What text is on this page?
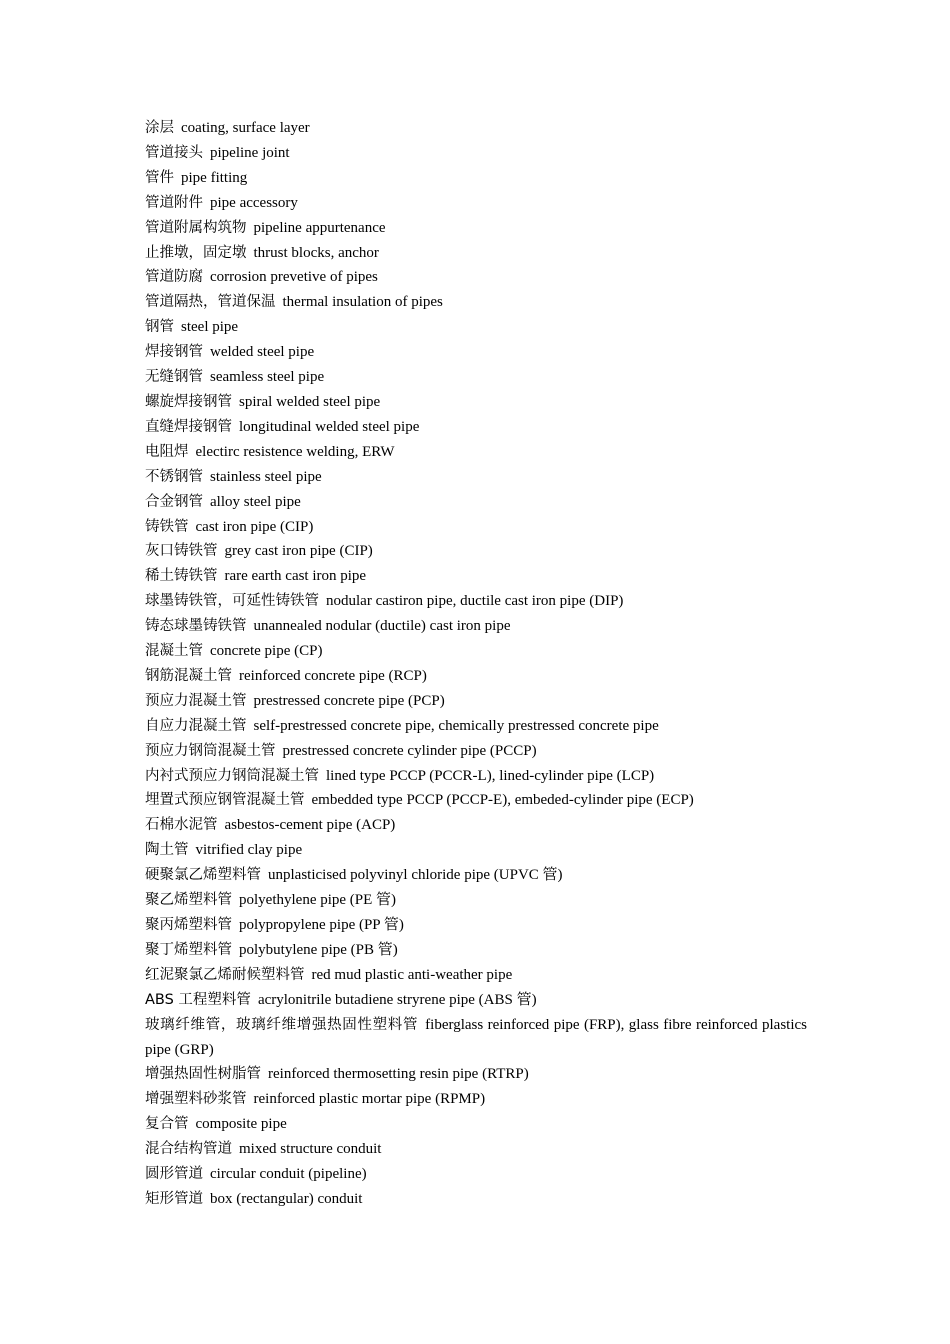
涂层 coating, surface layer
管道接头 pipeline joint
管件 pipe fitting
管道附件 pipe accessory
管道附属构筑物 pipeline appurtenance
止推墩，固定墩 thrust blocks, anchor
管道防腐 corrosion prevetive of pipes
管道隔热，管道保温 thermal insulation of pipes
钢管 steel pipe
焊接钢管 welded steel pipe
无缝钢管 seamless steel pipe
螺旋焊接钢管 spiral welded steel pipe
直缝焊接钢管 longitudinal welded steel pipe
电阻焊 electirc resistence welding, ERW
不锈钢管 stainless steel pipe
合金钢管 alloy steel pipe
铸铁管 cast iron pipe (CIP)
灰口铸铁管 grey cast iron pipe (CIP)
稀土铸铁管 rare earth cast iron pipe
球墨铸铁管，可延性铸铁管 nodular castiron pipe, ductile cast iron pipe (DIP)
铸态球墨铸铁管 unannealed nodular (ductile) cast iron pipe
混凝土管 concrete pipe (CP)
钢筋混凝土管 reinforced concrete pipe (RCP)
预应力混凝土管 prestressed concrete pipe (PCP)
自应力混凝土管 self-prestressed concrete pipe, chemically prestressed concrete pipe
预应力钢筒混凝土管 prestressed concrete cylinder pipe (PCCP)
内衬式预应力钢筒混凝土管 lined type PCCP (PCCR-L), lined-cylinder pipe (LCP)
埋置式预应钢管混凝土管 embedded type PCCP (PCCP-E), embeded-cylinder pipe (ECP)
石棉水泥管 asbestos-cement pipe (ACP)
陶土管 vitrified clay pipe
硬聚氯乙烯塑料管 unplasticised polyvinyl chloride pipe (UPVC 管)
聚乙烯塑料管 polyethylene pipe (PE 管)
聚丙烯塑料管 polypropylene pipe (PP 管)
聚丁烯塑料管 polybutylene pipe (PB 管)
红泥聚氯乙烯耐候塑料管 red mud plastic anti-weather pipe
ABS 工程塑料管 acrylonitrile butadiene stryrene pipe (ABS 管)
玻璃纤维管，玻璃纤维增强热固性塑料管 fiberglass reinforced pipe (FRP), glass fibre reinforced plastics pipe (GRP)
增强热固性树脂管 reinforced thermosetting resin pipe (RTRP)
增强塑料砂浆管 reinforced plastic mortar pipe (RPMP)
复合管 composite pipe
混合结构管道 mixed structure conduit
圆形管道 circular conduit (pipeline)
矩形管道 box (rectangular) conduit
